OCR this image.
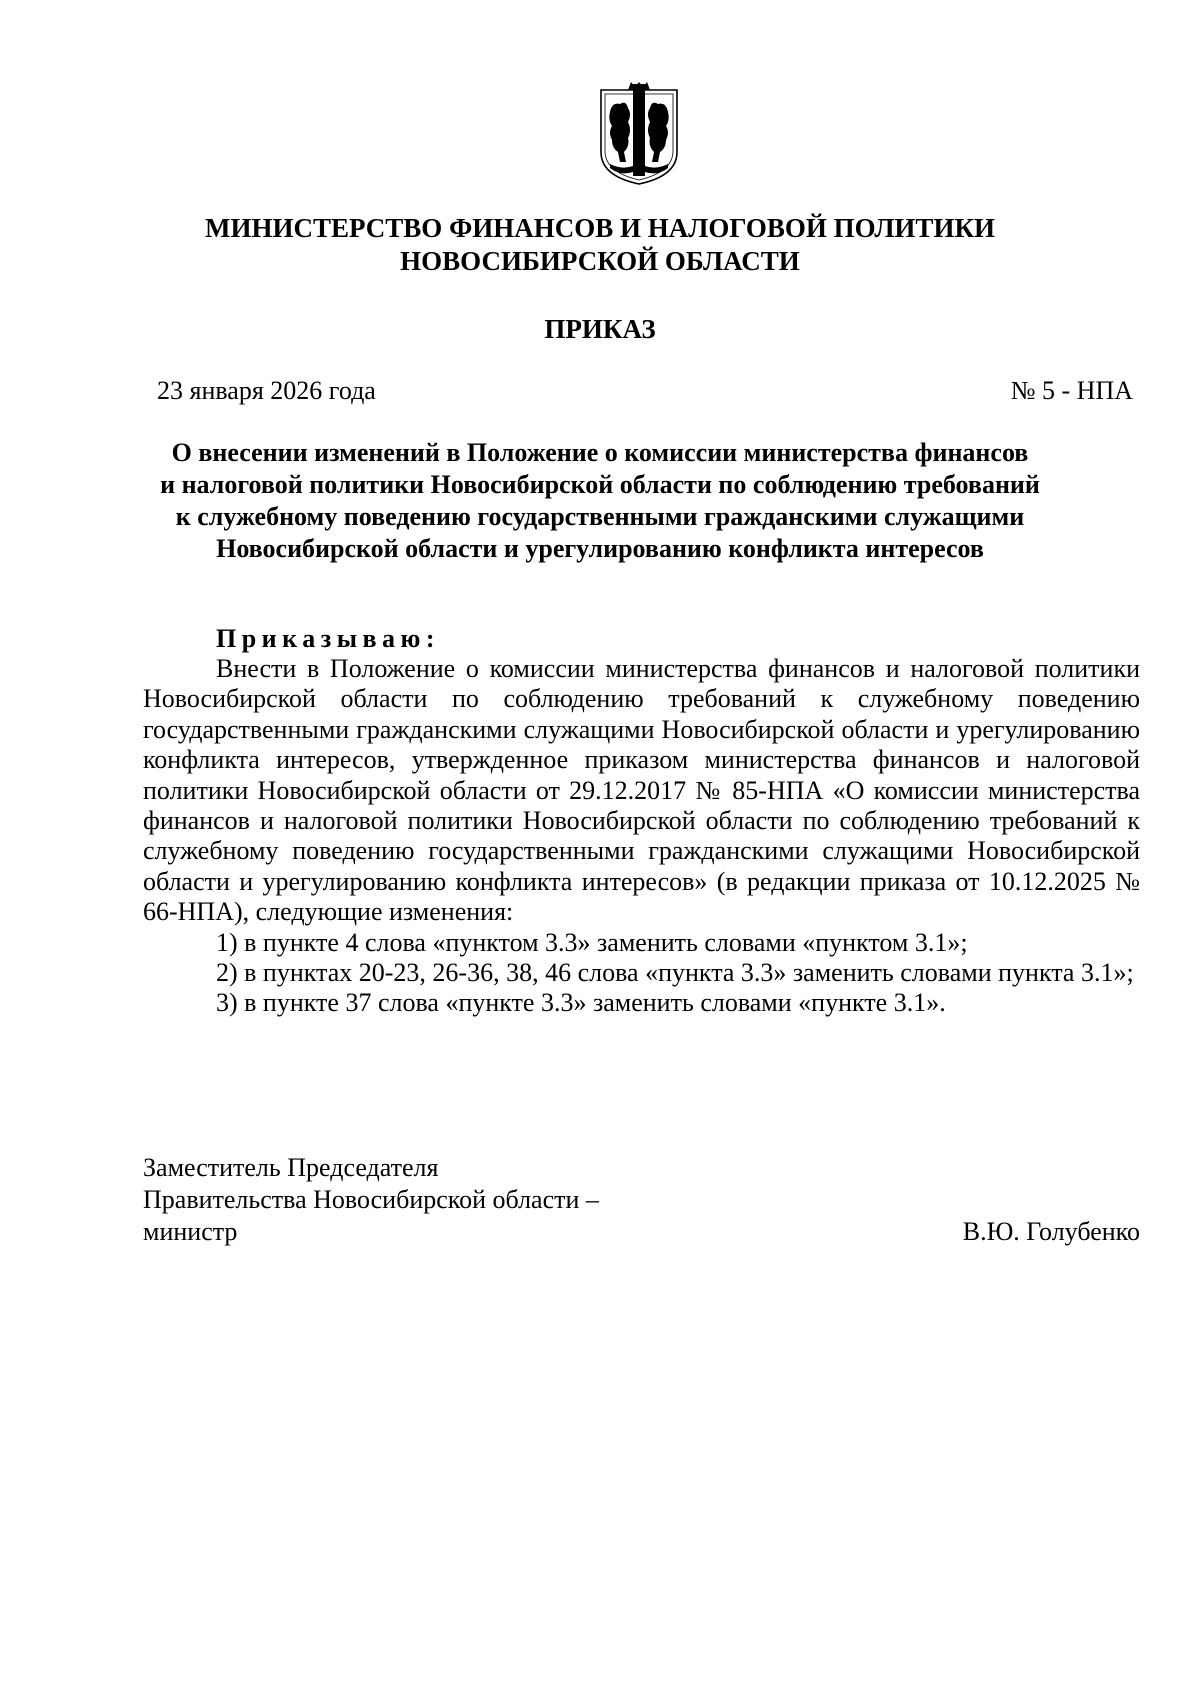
МИНИСТЕРСТВО ФИНАНСОВ И НАЛОГОВОЙ ПОЛИТИКИ
НОВОСИБИРСКОЙ ОБЛАСТИ
ПРИКАЗ
23 января 2026 года	№ 5 - НПА
О внесении изменений в Положение о комиссии министерства финансов
и налоговой политики Новосибирской области по соблюдению требований
к служебному поведению государственными гражданскими служащими
Новосибирской области и урегулированию конфликта интересов
Приказываю:

Внести в Положение о комиссии министерства финансов и налоговой политики Новосибирской области по соблюдению требований к служебному поведению государственными гражданскими служащими Новосибирской области и урегулированию конфликта интересов, утвержденное приказом министерства финансов и налоговой политики Новосибирской области от 29.12.2017 № 85-НПА «О комиссии министерства финансов и налоговой политики Новосибирской области по соблюдению требований к служебному поведению государственными гражданскими служащими Новосибирской области и урегулированию конфликта интересов» (в редакции приказа от 10.12.2025 № 66-НПА), следующие изменения:

1) в пункте 4 слова «пунктом 3.3» заменить словами «пунктом 3.1»;

2) в пунктах 20-23, 26-36, 38, 46 слова «пункта 3.3» заменить словами пункта 3.1»;

3) в пункте 37 слова «пункте 3.3» заменить словами «пункте 3.1».

Заместитель Председателя
Правительства Новосибирской области –
министр	В.Ю. Голубенко
